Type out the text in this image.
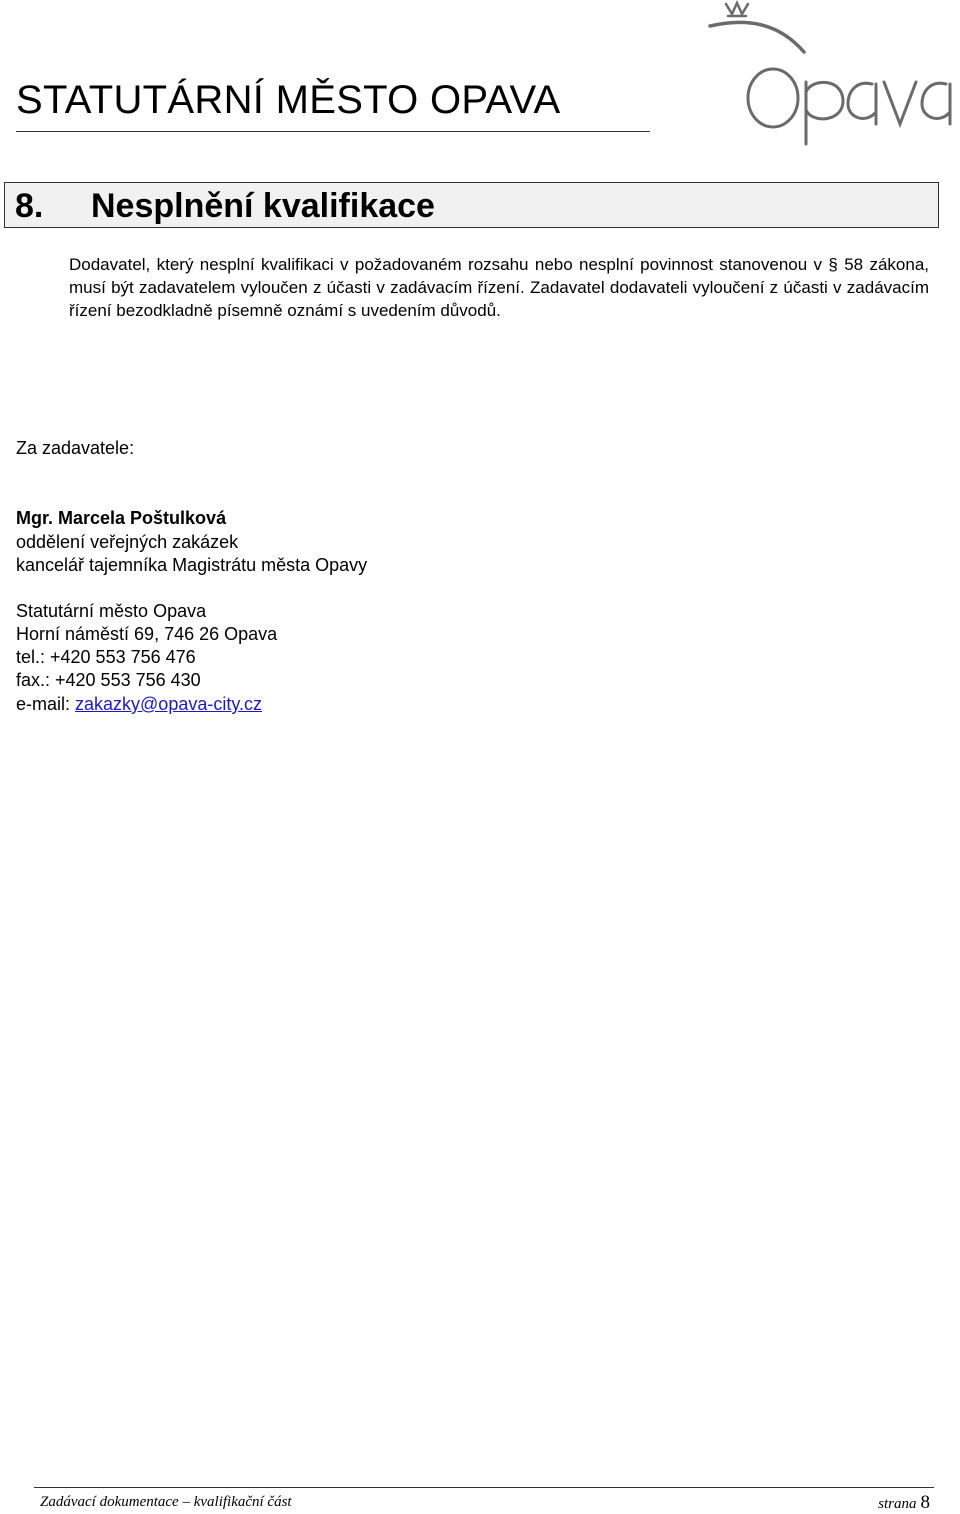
STATUTÁRNÍ MĚSTO OPAVA
8. Nesplnění kvalifikace
Dodavatel, který nesplní kvalifikaci v požadovaném rozsahu nebo nesplní povinnost stanovenou v § 58 zákona, musí být zadavatelem vyloučen z účasti v zadávacím řízení. Zadavatel dodavateli vyloučení z účasti v zadávacím řízení bezodkladně písemně oznámí s uvedením důvodů.
Za zadavatele:
Mgr. Marcela Poštulková
oddělení veřejných zakázek
kancelář tajemníka Magistrátu města Opavy
Statutární město Opava
Horní náměstí 69, 746 26 Opava
tel.: +420 553 756 476
fax.: +420 553 756 430
e-mail: zakazky@opava-city.cz
Zadávací dokumentace – kvalifikační část	strana 8
